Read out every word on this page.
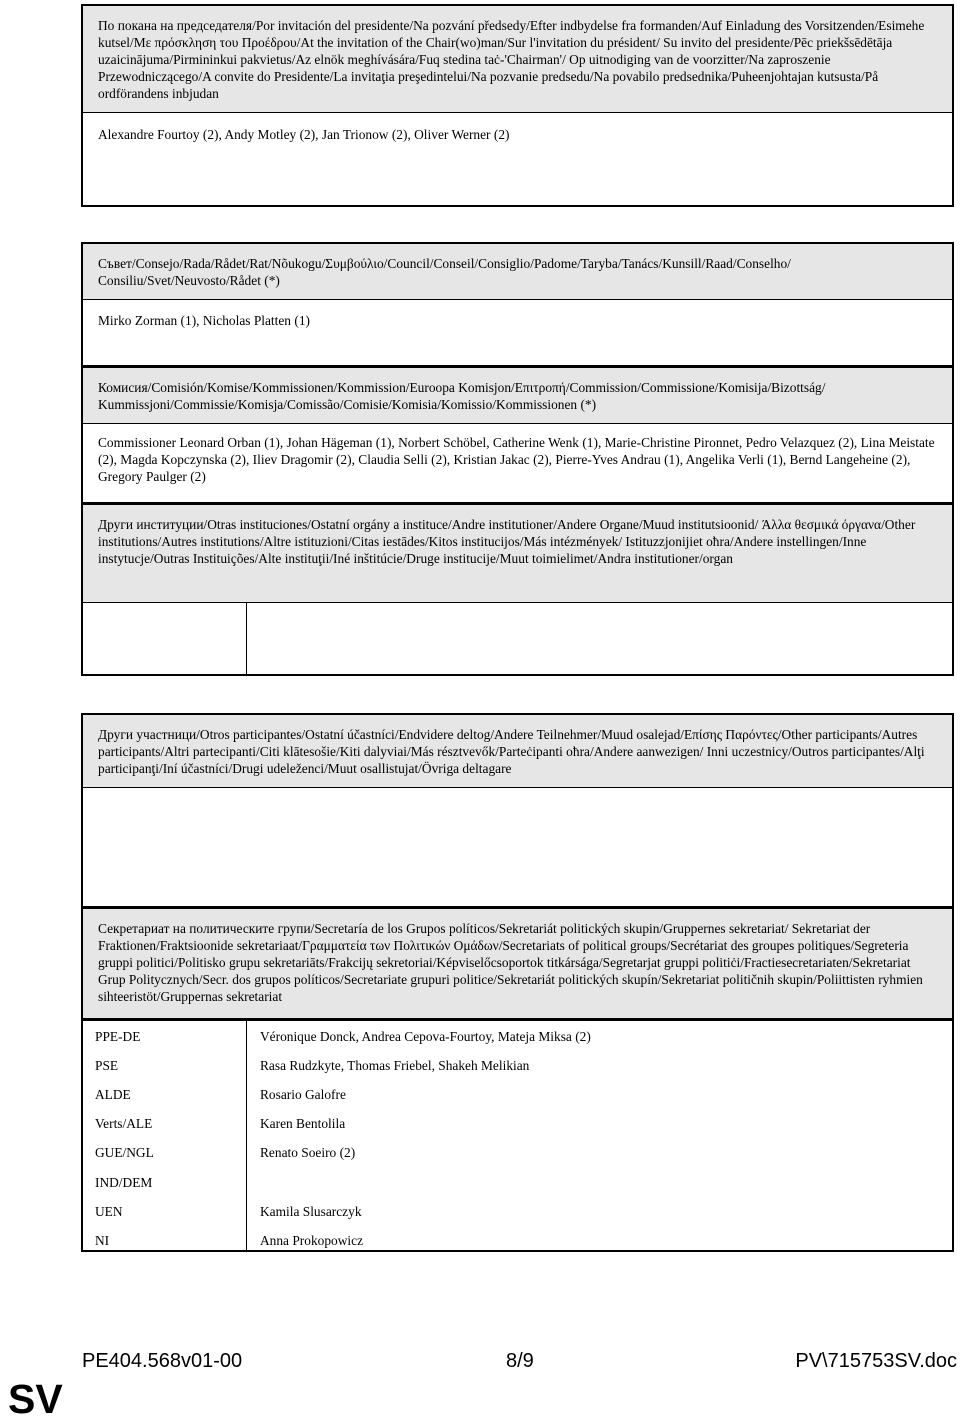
По покана на председателя/Por invitación del presidente/Na pozvání předsedy/Efter indbydelse fra formanden/Auf Einladung des Vorsitzenden/Esimehe kutsel/Με πρόσκληση του Προέδρου/At the invitation of the Chair(wo)man/Sur l'invitation du président/ Su invito del presidente/Pēc priekšsēdētāja uzaicinājuma/Pirmininkui pakvietus/Az elnök meghívására/Fuq stedina taċ-'Chairman'/ Op uitnodiging van de voorzitter/Na zaproszenie Przewodniczącego/A convite do Presidente/La invitaţia preşedintelui/Na pozvanie predsedu/Na povabilo predsednika/Puheenjohtajan kutsusta/På ordförandens inbjudan

Alexandre Fourtoy (2), Andy Motley (2), Jan Trionow (2), Oliver Werner (2)

Съвет/Consejo/Rada/Rådet/Rat/Nõukogu/Συμβούλιο/Council/Conseil/Consiglio/Padome/Taryba/Tanács/Kunsill/Raad/Conselho/ Consiliu/Svet/Neuvosto/Rådet (*)

Mirko Zorman (1), Nicholas Platten (1)

Комисия/Comisión/Komise/Kommissionen/Kommission/Euroopa Komisjon/Επιτροπή/Commission/Commissione/Komisija/Bizottság/ Kummissjoni/Commissie/Komisja/Comissão/Comisie/Komisia/Komissio/Kommissionen (*)

Commissioner Leonard Orban (1), Johan Hägeman (1), Norbert Schöbel, Catherine Wenk (1), Marie-Christine Pironnet, Pedro Velazquez (2), Lina Meistate (2), Magda Kopczynska (2), Iliev Dragomir (2), Claudia Selli (2), Kristian Jakac (2), Pierre-Yves Andrau (1), Angelika Verli (1), Bernd Langeheine (2), Gregory Paulger (2)

Други институции/Otras instituciones/Ostatní orgány a instituce/Andre institutioner/Andere Organe/Muud institutsioonid/ Άλλα θεσμικά όργανα/Other institutions/Autres institutions/Altre istituzioni/Citas iestādes/Kitos institucijos/Más intézmények/ Istituzzjonijiet oħra/Andere instellingen/Inne instytucje/Outras Instituições/Alte instituţii/Iné inštitúcie/Druge institucije/Muut toimielimet/Andra institutioner/organ

Други участници/Otros participantes/Ostatní účastníci/Endvidere deltog/Andere Teilnehmer/Muud osalejad/Επίσης Παρόντες/Other participants/Autres participants/Altri partecipanti/Citi klātesošie/Kiti dalyviai/Más résztvevők/Parteċipanti oħra/Andere aanwezigen/ Inni uczestnicy/Outros participantes/Alţi participanţi/Iní účastníci/Drugi udeleženci/Muut osallistujat/Övriga deltagare

Секретариат на политическите групи/Secretaría de los Grupos políticos/Sekretariát politických skupin/Gruppernes sekretariat/ Sekretariat der Fraktionen/Fraktsioonide sekretariaat/Γραμματεία των Πολιτικών Ομάδων/Secretariats of political groups/Secrétariat des groupes politiques/Segreteria gruppi politici/Politisko grupu sekretariāts/Frakcijų sekretoriai/Képviselőcsoportok titkársága/Segretarjat gruppi politiċi/Fractiesecretariaten/Sekretariat Grup Politycznych/Secr. dos grupos políticos/Secretariate grupuri politice/Sekretariát politických skupín/Sekretariat političnih skupin/Poliittisten ryhmien sihteeristöt/Gruppernas sekretariat

PPE-DE	Véronique Donck, Andrea Cepova-Fourtoy, Mateja Miksa (2)
PSE	Rasa Rudzkyte, Thomas Friebel, Shakeh Melikian
ALDE	Rosario Galofre
Verts/ALE	Karen Bentolila
GUE/NGL	Renato Soeiro (2)
IND/DEM
UEN	Kamila Slusarczyk
NI	Anna Prokopowicz
PE404.568v01-00	8/9	PV\715753SV.doc
SV
